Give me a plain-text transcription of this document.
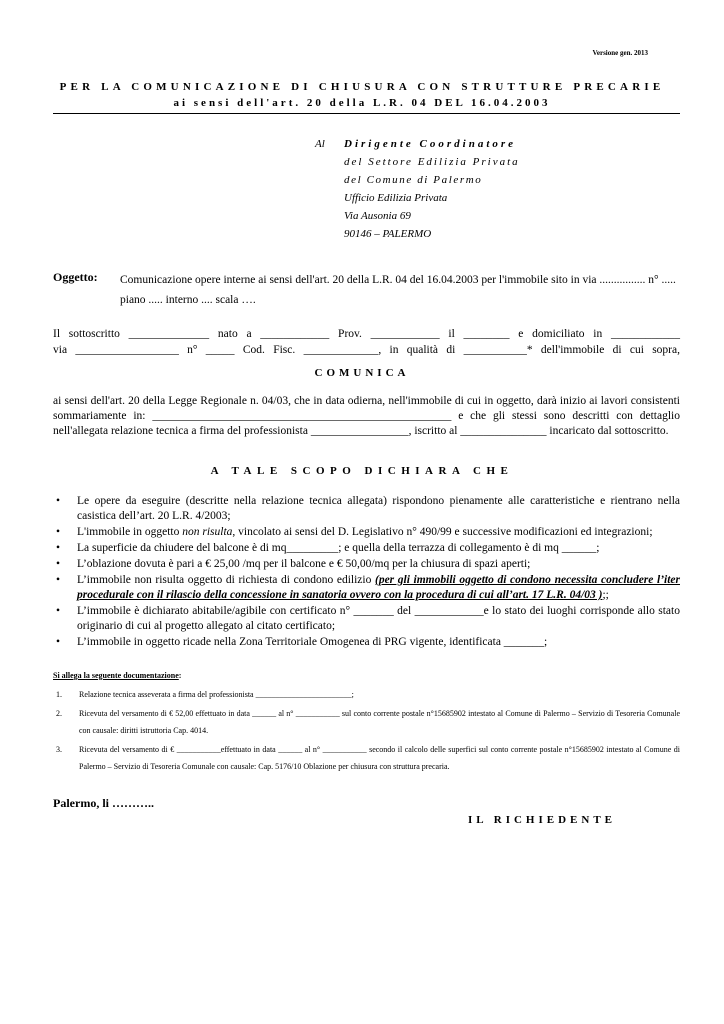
Versione gen. 2013
PER LA COMUNICAZIONE DI CHIUSURA CON STRUTTURE PRECARIE
ai sensi dell'art. 20 della L.R. 04 DEL 16.04.2003
Al Dirigente Coordinatore
del Settore Edilizia Privata
del Comune di Palermo
Ufficio Edilizia Privata
Via Ausonia 69
90146 – PALERMO
Oggetto: Comunicazione opere interne ai sensi dell'art. 20 della L.R. 04 del 16.04.2003 per l'immobile sito in via ................ n° ..... piano ..... interno .... scala ….
Il sottoscritto ______________ nato a ____________ Prov. ____________ il ________ e domiciliato in ____________
via __________________ n° _____ Cod. Fisc. _____________, in qualità di ___________* dell'immobile di cui sopra,
COMUNICA
ai sensi dell'art. 20 della Legge Regionale n. 04/03, che in data odierna, nell'immobile di cui in oggetto, darà inizio ai lavori consistenti sommariamente in: ____________________________________________________ e che gli stessi sono descritti con dettaglio nell'allegata relazione tecnica a firma del professionista _________________, iscritto al _______________ incaricato dal sottoscritto.
A TALE SCOPO DICHIARA CHE
• Le opere da eseguire (descritte nella relazione tecnica allegata) rispondono pienamente alle caratteristiche e rientrano nella casistica dell’art. 20 L.R. 4/2003;
• L'immobile in oggetto non risulta, vincolato ai sensi del D. Legislativo n° 490/99 e successive modificazioni ed integrazioni;
• La superficie da chiudere del balcone è di mq_________; e quella della terrazza di collegamento è di mq ______;
• L’oblazione dovuta è pari a € 25,00 /mq per il balcone e € 50,00/mq per la chiusura di spazi aperti;
• L’immobile non risulta oggetto di richiesta di condono edilizio (per gli immobili oggetto di condono necessita concludere l’iter procedurale con il rilascio della concessione in sanatoria ovvero con la procedura di cui all’art. 17 L.R. 04/03 );;
• L’immobile è dichiarato abitabile/agibile con certificato n° _______ del ____________e lo stato dei luoghi corrisponde allo stato originario di cui al progetto allegato al citato certificato;
• L’immobile in oggetto ricade nella Zona Territoriale Omogenea di PRG vigente, identificata _______;
Si allega la seguente documentazione:
1. Relazione tecnica asseverata a firma del professionista ________________________;
2. Ricevuta del versamento di € 52,00 effettuato in data ______ al n° ___________ sul conto corrente postale n°15685902 intestato al Comune di Palermo – Servizio di Tesoreria Comunale con causale: diritti istruttoria Cap. 4014.
3. Ricevuta del versamento di € ___________effettuato in data ______ al n° ___________ secondo il calcolo delle superfici sul conto corrente postale n°15685902 intestato al Comune di Palermo – Servizio di Tesoreria Comunale con causale: Cap. 5176/10 Oblazione per chiusura con struttura precaria.
Palermo, li ………..
IL RICHIEDENTE
